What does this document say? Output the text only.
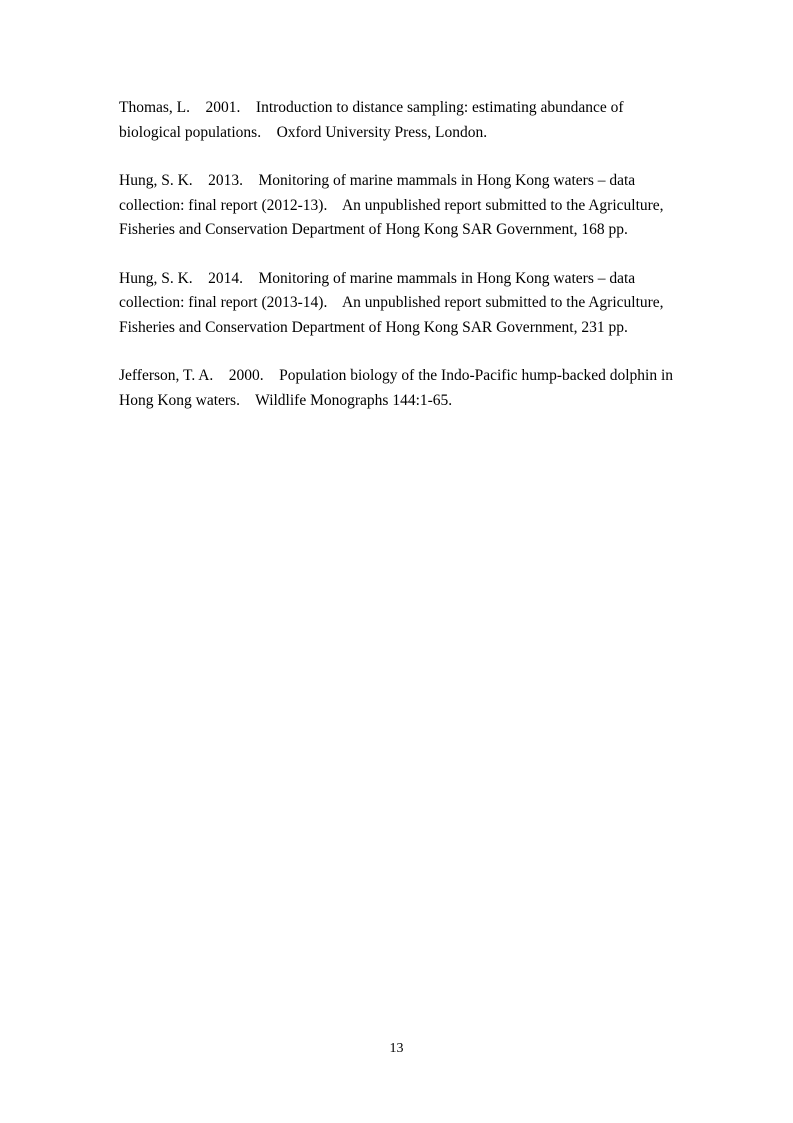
Thomas, L.    2001.    Introduction to distance sampling: estimating abundance of
biological populations.    Oxford University Press, London.

Hung, S. K.    2013.    Monitoring of marine mammals in Hong Kong waters – data
collection: final report (2012-13).    An unpublished report submitted to the Agriculture,
Fisheries and Conservation Department of Hong Kong SAR Government, 168 pp.

Hung, S. K.    2014.    Monitoring of marine mammals in Hong Kong waters – data
collection: final report (2013-14).    An unpublished report submitted to the Agriculture,
Fisheries and Conservation Department of Hong Kong SAR Government, 231 pp.

Jefferson, T. A.    2000.    Population biology of the Indo-Pacific hump-backed dolphin in
Hong Kong waters.    Wildlife Monographs 144:1-65.

13
